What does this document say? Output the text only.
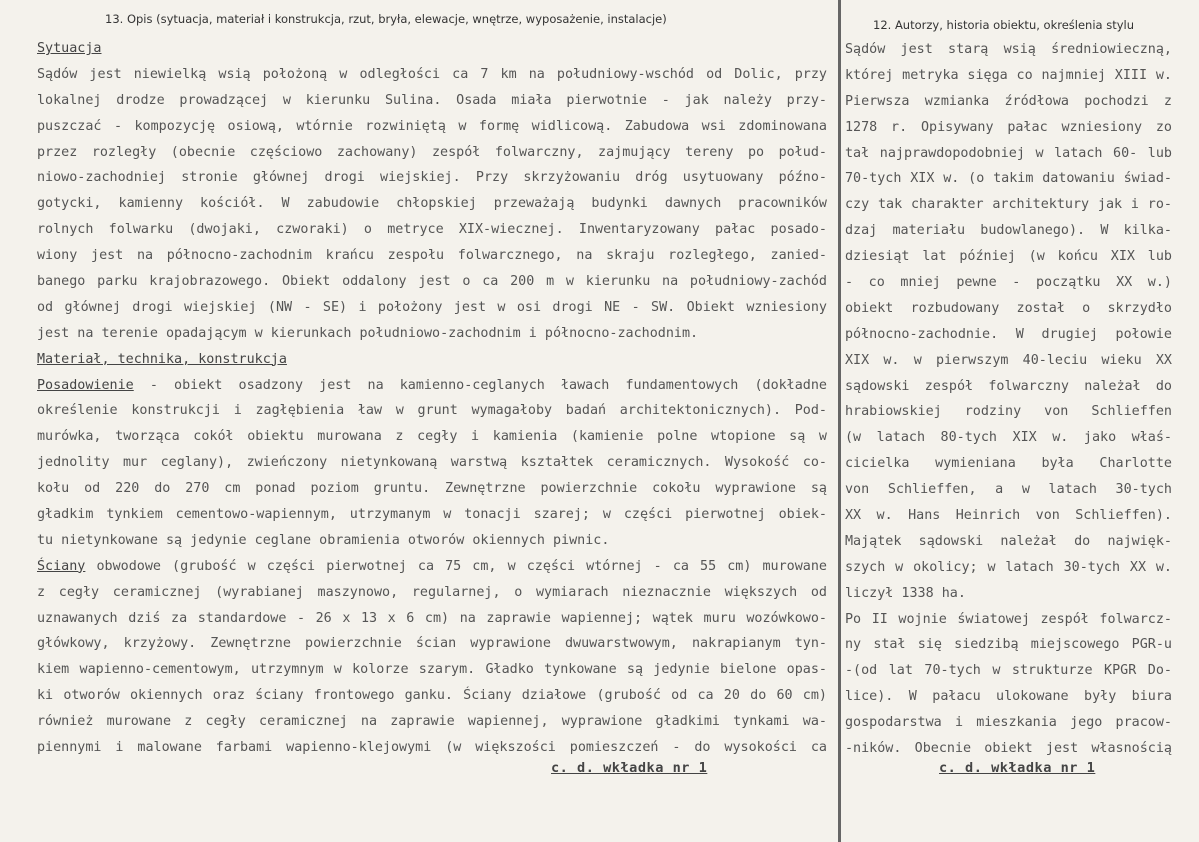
13. Opis (sytuacja, materiał i konstrukcja, rzut, bryła, elewacje, wnętrze, wyposażenie, instalacje)
Sytuacja
Sądów jest niewielką wsią położoną w odległości ca 7 km na południowy-wschód od Dolic, przy
lokalnej drodze prowadzącej w kierunku Sulina. Osada miała pierwotnie - jak należy przy-
puszczać - kompozycję osiową, wtórnie rozwiniętą w formę widlicową. Zabudowa wsi zdominowana
przez rozległy (obecnie częściowo zachowany) zespół folwarczny, zajmujący tereny po połud-
niowo-zachodniej stronie głównej drogi wiejskiej. Przy skrzyżowaniu dróg usytuowany późno-
gotycki, kamienny kościół. W zabudowie chłopskiej przeważają budynki dawnych pracowników
rolnych folwarku (dwojaki, czworaki) o metryce XIX-wiecznej. Inwentaryzowany pałac posado-
wiony jest na północno-zachodnim krańcu zespołu folwarcznego, na skraju rozległego, zanied-
banego parku krajobrazowego. Obiekt oddalony jest o ca 200 m w kierunku na południowy-zachód
od głównej drogi wiejskiej (NW - SE) i położony jest w osi drogi NE - SW. Obiekt wzniesiony
jest na terenie opadającym w kierunkach południowo-zachodnim i północno-zachodnim.
Materiał, technika, konstrukcja
Posadowienie - obiekt osadzony jest na kamienno-ceglanych ławach fundamentowych (dokładne
określenie konstrukcji i zagłębienia ław w grunt wymagałoby badań architektonicznych). Pod-
murówka, tworząca cokół obiektu murowana z cegły i kamienia (kamienie polne wtopione są w
jednolity mur ceglany), zwieńczony nietynkowaną warstwą kształtek ceramicznych. Wysokość co-
kołu od 220 do 270 cm ponad poziom gruntu. Zewnętrzne powierzchnie cokołu wyprawione są
gładkim tynkiem cementowo-wapiennym, utrzymanym w tonacji szarej; w części pierwotnej obiek-
tu nietynkowane są jedynie ceglane obramienia otworów okiennych piwnic.
Ściany obwodowe (grubość w części pierwotnej ca 75 cm, w części wtórnej - ca 55 cm) murowane
z cegły ceramicznej (wyrabianej maszynowo, regularnej, o wymiarach nieznacznie większych od
uznawanych dziś za standardowe - 26 x 13 x 6 cm) na zaprawie wapiennej; wątek muru wozówkowo-
główkowy, krzyżowy. Zewnętrzne powierzchnie ścian wyprawione dwuwarstwowym, nakrapianym tyn-
kiem wapienno-cementowym, utrzymnym w kolorze szarym. Gładko tynkowane są jedynie bielone opas-
ki otworów okiennych oraz ściany frontowego ganku. Ściany działowe (grubość od ca 20 do 60 cm)
również murowane z cegły ceramicznej na zaprawie wapiennej, wyprawione gładkimi tynkami wa-
piennymi i malowane farbami wapienno-klejowymi (w większości pomieszczeń - do wysokości ca
c. d. wkładka nr 1
12. Autorzy, historia obiektu, określenia stylu
Sądów jest starą wsią średniowieczną,
której metryka sięga co najmniej XIII w.
Pierwsza wzmianka źródłowa pochodzi z
1278 r. Opisywany pałac wzniesiony zo
tał najprawdopodobniej w latach 60- lub
70-tych XIX w. (o takim datowaniu świad-
czy tak charakter architektury jak i ro-
dzaj materiału budowlanego). W kilka-
dziesiąt lat później (w końcu XIX lub
- co mniej pewne - początku XX w.)
obiekt rozbudowany został o skrzydło
północno-zachodnie. W drugiej połowie
XIX w. w pierwszym 40-leciu wieku XX
sądowski zespół folwarczny należał do
hrabiowskiej rodziny von Schlieffen
(w latach 80-tych XIX w. jako właś-
cicielka wymieniana była Charlotte
von Schlieffen, a w latach 30-tych
XX w. Hans Heinrich von Schlieffen).
Majątek sądowski należał do najwięk-
szych w okolicy; w latach 30-tych XX w.
liczył 1338 ha.
Po II wojnie światowej zespół folwarcz-
ny stał się siedzibą miejscowego PGR-u
-(od lat 70-tych w strukturze KPGR Do-
lice). W pałacu ulokowane były biura
gospodarstwa i mieszkania jego pracow-
-ników. Obecnie obiekt jest własnością
c. d. wkładka nr 1
